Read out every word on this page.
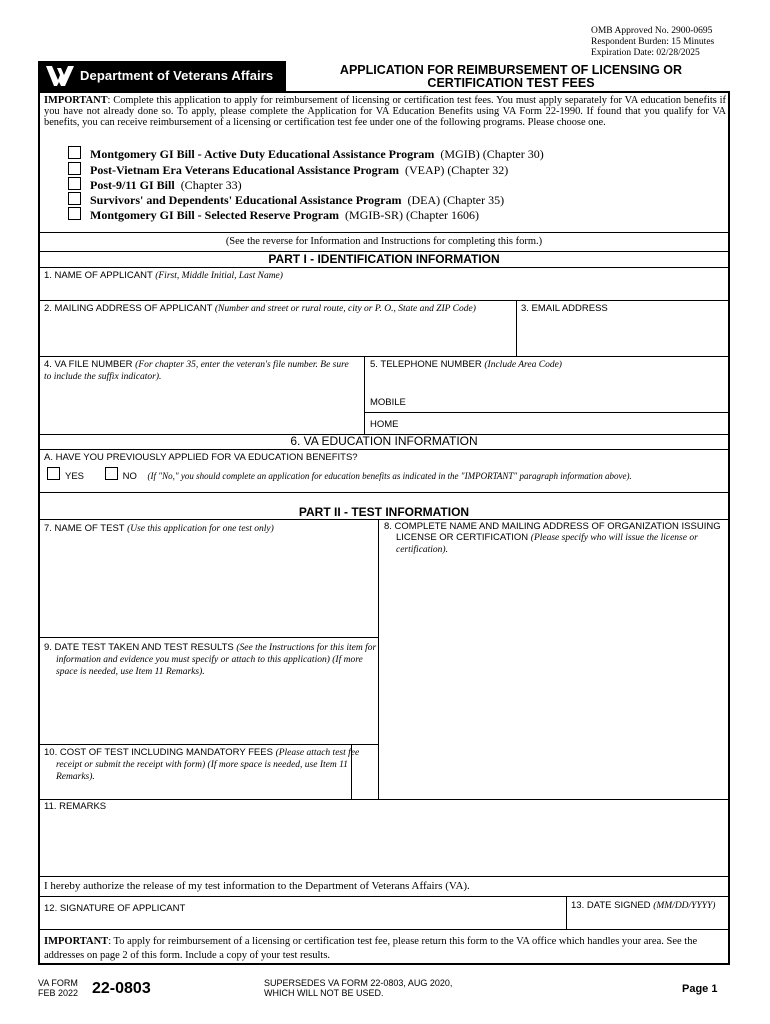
OMB Approved No. 2900-0695
Respondent Burden: 15 Minutes
Expiration Date: 02/28/2025
Department of Veterans Affairs	APPLICATION FOR REIMBURSEMENT OF LICENSING OR
CERTIFICATION TEST FEES
IMPORTANT: Complete this application to apply for reimbursement of licensing or certification test fees. You must apply separately for VA education benefits if you have not already done so. To apply, please complete the Application for VA Education Benefits using VA Form 22-1990. If found that you qualify for VA benefits, you can receive reimbursement of a licensing or certification test fee under one of the following programs. Please choose one.
Montgomery GI Bill - Active Duty Educational Assistance Program (MGIB) (Chapter 30)
Post-Vietnam Era Veterans Educational Assistance Program (VEAP) (Chapter 32)
Post-9/11 GI Bill (Chapter 33)
Survivors' and Dependents' Educational Assistance Program (DEA) (Chapter 35)
Montgomery GI Bill - Selected Reserve Program (MGIB-SR) (Chapter 1606)
(See the reverse for Information and Instructions for completing this form.)
PART I - IDENTIFICATION INFORMATION
1. NAME OF APPLICANT (First, Middle Initial, Last Name)
2. MAILING ADDRESS OF APPLICANT (Number and street or rural route, city or P. O., State and ZIP Code)	3. EMAIL ADDRESS
4. VA FILE NUMBER (For chapter 35, enter the veteran's file number. Be sure to include the suffix indicator).
5. TELEPHONE NUMBER (Include Area Code)
MOBILE
HOME
6. VA EDUCATION INFORMATION
A. HAVE YOU PREVIOUSLY APPLIED FOR VA EDUCATION BENEFITS?
YES	NO (If "No," you should complete an application for education benefits as indicated in the "IMPORTANT" paragraph information above).
PART II - TEST INFORMATION
7. NAME OF TEST (Use this application for one test only)	8. COMPLETE NAME AND MAILING ADDRESS OF ORGANIZATION ISSUING LICENSE OR CERTIFICATION (Please specify who will issue the license or certification).
9. DATE TEST TAKEN AND TEST RESULTS (See the Instructions for this item for information and evidence you must specify or attach to this application) (If more space is needed, use Item 11 Remarks).
10. COST OF TEST INCLUDING MANDATORY FEES (Please attach test fee receipt or submit the receipt with form) (If more space is needed, use Item 11 Remarks).
11. REMARKS
I hereby authorize the release of my test information to the Department of Veterans Affairs (VA).
12. SIGNATURE OF APPLICANT	13. DATE SIGNED (MM/DD/YYYY)
IMPORTANT: To apply for reimbursement of a licensing or certification test fee, please return this form to the VA office which handles your area. See the addresses on page 2 of this form. Include a copy of your test results.
VA FORM
FEB 2022 22-0803	SUPERSEDES VA FORM 22-0803, AUG 2020,
WHICH WILL NOT BE USED.	Page 1
